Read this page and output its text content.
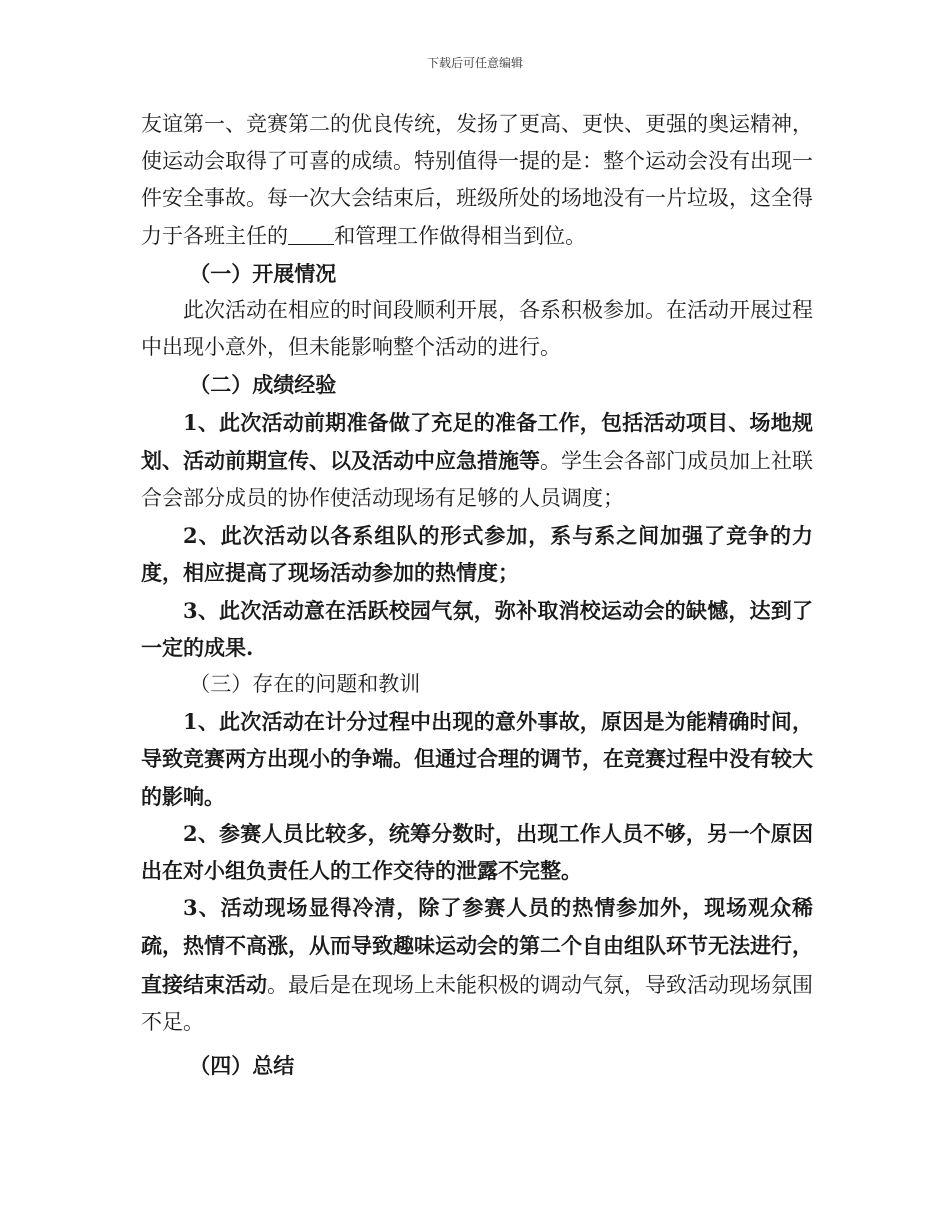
下载后可任意编辑

友谊第一、竞赛第二的优良传统，发扬了更高、更快、更强的奥运精神，使运动会取得了可喜的成绩。特别值得一提的是：整个运动会没有出现一件安全事故。每一次大会结束后，班级所处的场地没有一片垃圾，这全得力于各班主任的 和管理工作做得相当到位。

（一）开展情况

此次活动在相应的时间段顺利开展，各系积极参加。在活动开展过程中出现小意外，但未能影响整个活动的进行。

（二）成绩经验

1、此次活动前期准备做了充足的准备工作，包括活动项目、场地规划、活动前期宣传、以及活动中应急措施等。学生会各部门成员加上社联合会部分成员的协作使活动现场有足够的人员调度；

2、此次活动以各系组队的形式参加，系与系之间加强了竞争的力度，相应提高了现场活动参加的热情度；

3、此次活动意在活跃校园气氛，弥补取消校运动会的缺憾，达到了一定的成果.

（三）存在的问题和教训

1、此次活动在计分过程中出现的意外事故，原因是为能精确时间，导致竞赛两方出现小的争端。但通过合理的调节，在竞赛过程中没有较大的影响。

2、参赛人员比较多，统筹分数时，出现工作人员不够，另一个原因出在对小组负责任人的工作交待的泄露不完整。

3、活动现场显得冷清，除了参赛人员的热情参加外，现场观众稀疏，热情不高涨，从而导致趣味运动会的第二个自由组队环节无法进行，直接结束活动。最后是在现场上未能积极的调动气氛，导致活动现场氛围不足。

（四）总结
